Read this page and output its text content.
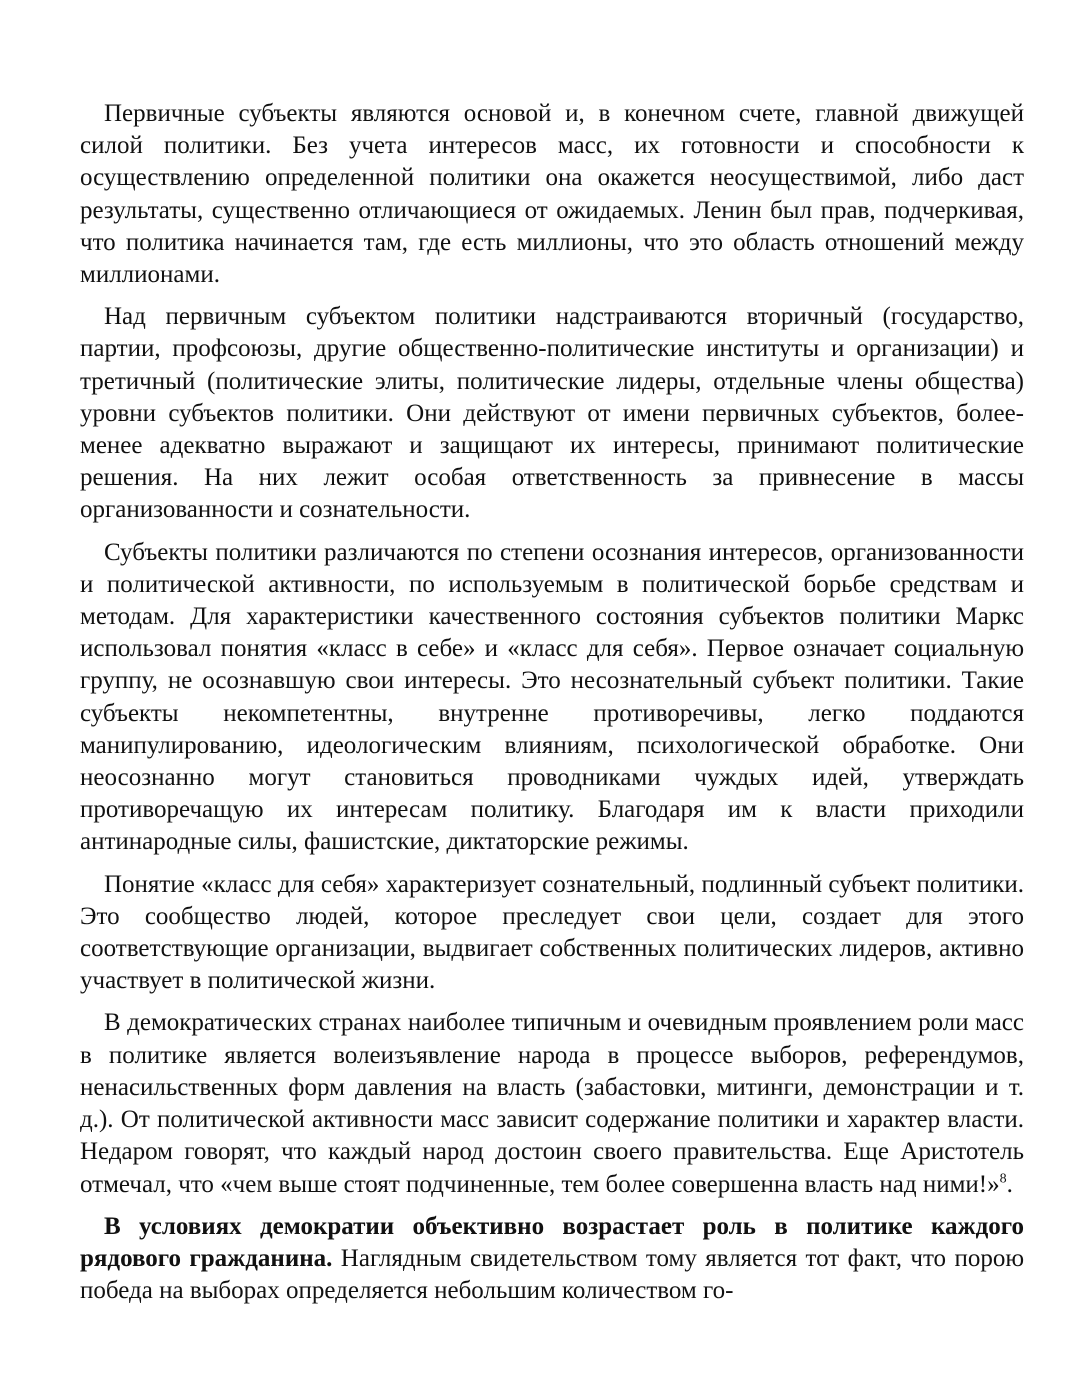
Первичные субъекты являются основой и, в конечном счете, главной движущей силой политики. Без учета интересов масс, их готовности и способности к осуществлению определенной политики она окажется неосуществимой, либо даст результаты, существенно отличающиеся от ожидаемых. Ленин был прав, подчеркивая, что политика начинается там, где есть миллионы, что это область отношений между миллионами.

Над первичным субъектом политики надстраиваются вторичный (государство, партии, профсоюзы, другие общественно-политические институты и организации) и третичный (политические элиты, политические лидеры, отдельные члены общества) уровни субъектов политики. Они действуют от имени первичных субъектов, более-менее адекватно выражают и защищают их интересы, принимают политические решения. На них лежит особая ответственность за привнесение в массы организованности и сознательности.

Субъекты политики различаются по степени осознания интересов, организованности и политической активности, по используемым в политической борьбе средствам и методам. Для характеристики качественного состояния субъектов политики Маркс использовал понятия «класс в себе» и «класс для себя». Первое означает социальную группу, не осознавшую свои интересы. Это несознательный субъект политики. Такие субъекты некомпетентны, внутренне противоречивы, легко поддаются манипулированию, идеологическим влияниям, психологической обработке. Они неосознанно могут становиться проводниками чуждых идей, утверждать противоречащую их интересам политику. Благодаря им к власти приходили антинародные силы, фашистские, диктаторские режимы.

Понятие «класс для себя» характеризует сознательный, подлинный субъект политики. Это сообщество людей, которое преследует свои цели, создает для этого соответствующие организации, выдвигает собственных политических лидеров, активно участвует в политической жизни.

В демократических странах наиболее типичным и очевидным проявлением роли масс в политике является волеизъявление народа в процессе выборов, референдумов, ненасильственных форм давления на власть (забастовки, митинги, демонстрации и т. д.). От политической активности масс зависит содержание политики и характер власти. Недаром говорят, что каждый народ достоин своего правительства. Еще Аристотель отмечал, что «чем выше стоят подчиненные, тем более совершенна власть над ними!»$^8$.

В условиях демократии объективно возрастает роль в политике каждого рядового гражданина. Наглядным свидетельством тому является тот факт, что порою победа на выборах определяется небольшим количеством го-
